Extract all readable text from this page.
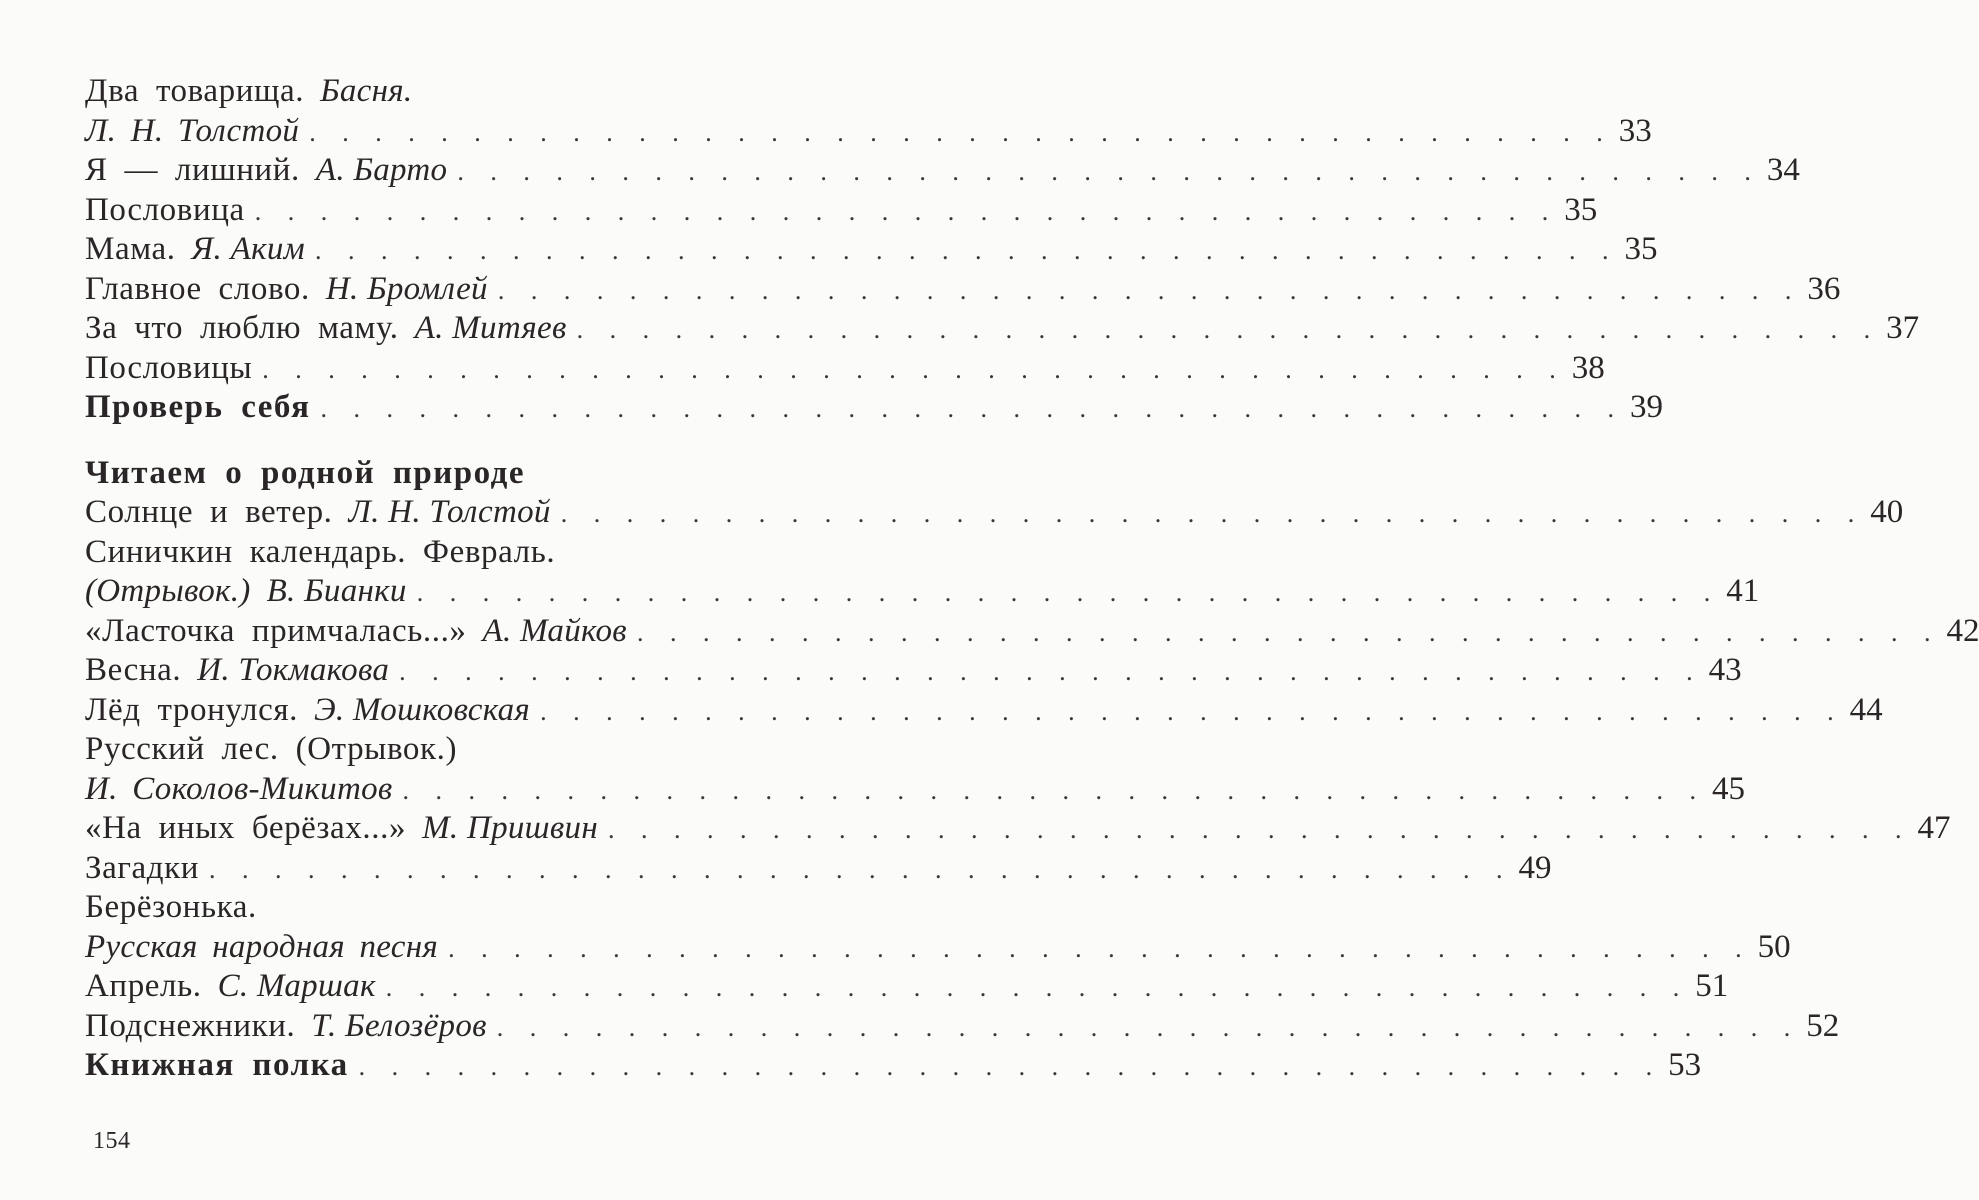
Два товарища. Басня.
Л. Н. Толстой . . . . . . . . . . . . . . . . . . . . . . . . . . . . . . . . . . . . . . . . 33
Я — лишний. А. Барто . . . . . . . . . . . . . . . . . . . . . . . . . . . . . . . . . . . . . . . . 34
Пословица . . . . . . . . . . . . . . . . . . . . . . . . . . . . . . . . . . . . . . . . 35
Мама. Я. Аким . . . . . . . . . . . . . . . . . . . . . . . . . . . . . . . . . . . . . . . . 35
Главное слово. Н. Бромлей . . . . . . . . . . . . . . . . . . . . . . . . . . . . . . . . . . . . . . . . 36
За что люблю маму. А. Митяев . . . . . . . . . . . . . . . . . . . . . . . . . . . . . . . . . . . . . . . . 37
Пословицы . . . . . . . . . . . . . . . . . . . . . . . . . . . . . . . . . . . . . . . . 38
Проверь себя . . . . . . . . . . . . . . . . . . . . . . . . . . . . . . . . . . . . . . . . 39
Читаем о родной природе
Солнце и ветер. Л. Н. Толстой . . . . . . . . . . . . . . . . . . . . . . . . . . . . . . . . . . . . . . . . 40
Синичкин календарь. Февраль.
(Отрывок.) В. Бианки . . . . . . . . . . . . . . . . . . . . . . . . . . . . . . . . . . . . . . . . 41
«Ласточка примчалась...» А. Майков . . . . . . . . . . . . . . . . . . . . . . . . . . . . . . . . . . . . . . . . 42
Весна. И. Токмакова . . . . . . . . . . . . . . . . . . . . . . . . . . . . . . . . . . . . . . . . 43
Лёд тронулся. Э. Мошковская . . . . . . . . . . . . . . . . . . . . . . . . . . . . . . . . . . . . . . . . 44
Русский лес. (Отрывок.)
И. Соколов-Микитов . . . . . . . . . . . . . . . . . . . . . . . . . . . . . . . . . . . . . . . . 45
«На иных берёзах...» М. Пришвин . . . . . . . . . . . . . . . . . . . . . . . . . . . . . . . . . . . . . . . . 47
Загадки . . . . . . . . . . . . . . . . . . . . . . . . . . . . . . . . . . . . . . . . 49
Берёзонька.
Русская народная песня . . . . . . . . . . . . . . . . . . . . . . . . . . . . . . . . . . . . . . . . 50
Апрель. С. Маршак . . . . . . . . . . . . . . . . . . . . . . . . . . . . . . . . . . . . . . . . 51
Подснежники. Т. Белозёров . . . . . . . . . . . . . . . . . . . . . . . . . . . . . . . . . . . . . . . . 52
Книжная полка . . . . . . . . . . . . . . . . . . . . . . . . . . . . . . . . . . . . . . . . 53
154
